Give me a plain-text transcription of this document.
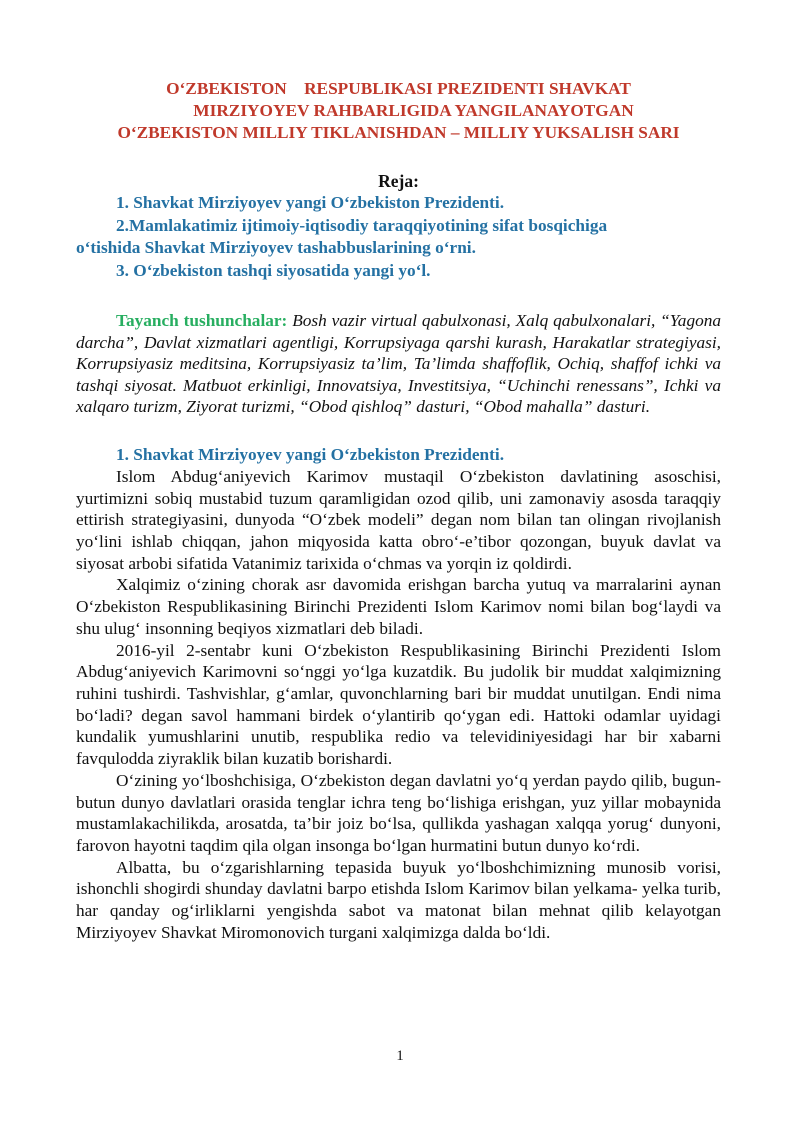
O‘ZBEKISTON    RESPUBLIKASI PREZIDENTI SHAVKAT
MIRZIYOYEV RAHBARLIGIDA YANGILANAYOTGAN
O‘ZBEKISTON MILLIY TIKLANISHDAN – MILLIY YUKSALISH SARI

Reja:

1. Shavkat Mirziyoyev yangi O‘zbekiston Prezidenti.
2.Mamlakatimiz ijtimoiy-iqtisodiy taraqqiyotining sifat bosqichiga
o‘tishida Shavkat Mirziyoyev tashabbuslarining o‘rni.
3. O‘zbekiston tashqi siyosatida yangi yo‘l.

Tayanch tushunchalar: Bosh vazir virtual qabulxonasi, Xalq qabulxonalari, “Yagona darcha”, Davlat xizmatlari agentligi, Korrupsiyaga qarshi kurash, Harakatlar strategiyasi, Korrupsiyasiz meditsina, Korrupsiyasiz ta’lim, Ta’limda shaffoflik, Ochiq, shaffof ichki va tashqi siyosat. Matbuot erkinligi, Innovatsiya, Investitsiya, “Uchinchi renessans”, Ichki va xalqaro turizm, Ziyorat turizmi, “Obod qishloq” dasturi, “Obod mahalla” dasturi.

1. Shavkat Mirziyoyev yangi O‘zbekiston Prezidenti.

Islom Abdug‘aniyevich Karimov mustaqil O‘zbekiston davlatining asoschisi, yurtimizni sobiq mustabid tuzum qaramligidan ozod qilib, uni zamonaviy asosda taraqqiy ettirish strategiyasini, dunyoda “O‘zbek modeli” degan nom bilan tan olingan rivojlanish yo‘lini ishlab chiqqan, jahon miqyosida katta obro‘-e’tibor qozongan, buyuk davlat va siyosat arbobi sifatida Vatanimiz tarixida o‘chmas va yorqin iz qoldirdi.

Xalqimiz o‘zining chorak asr davomida erishgan barcha yutuq va marralarini aynan O‘zbekiston Respublikasining Birinchi Prezidenti Islom Karimov nomi bilan bog‘laydi va shu ulug‘ insonning beqiyos xizmatlari deb biladi.

2016-yil 2-sentabr kuni O‘zbekiston Respublikasining Birinchi Prezidenti Islom Abdug‘aniyevich Karimovni so‘nggi yo‘lga kuzatdik. Bu judolik bir muddat xalqimizning ruhini tushirdi. Tashvishlar, g‘amlar, quvonchlarning bari bir muddat unutilgan. Endi nima bo‘ladi? degan savol hammani birdek o‘ylantirib qo‘ygan edi. Hattoki odamlar uyidagi kundalik yumushlarini unutib, respublika redio va televidiniyesidagi har bir xabarni favqulodda ziyraklik bilan kuzatib borishardi.

O‘zining yo‘lboshchisiga, O‘zbekiston degan davlatni yo‘q yerdan paydo qilib, bugun-butun dunyo davlatlari orasida tenglar ichra teng bo‘lishiga erishgan, yuz yillar mobaynida mustamlakachilikda, arosatda, ta’bir joiz bo‘lsa, qullikda yashagan xalqqa yorug‘ dunyoni, farovon hayotni taqdim qila olgan insonga bo‘lgan hurmatini butun dunyo ko‘rdi.

Albatta, bu o‘zgarishlarning tepasida buyuk yo‘lboshchimizning munosib vorisi, ishonchli shogirdi shunday davlatni barpo etishda Islom Karimov bilan yelkama- yelka turib, har qanday og‘irliklarni yengishda sabot va matonat bilan mehnat qilib kelayotgan Mirziyoyev Shavkat Miromonovich turgani xalqimizga dalda bo‘ldi.

1
